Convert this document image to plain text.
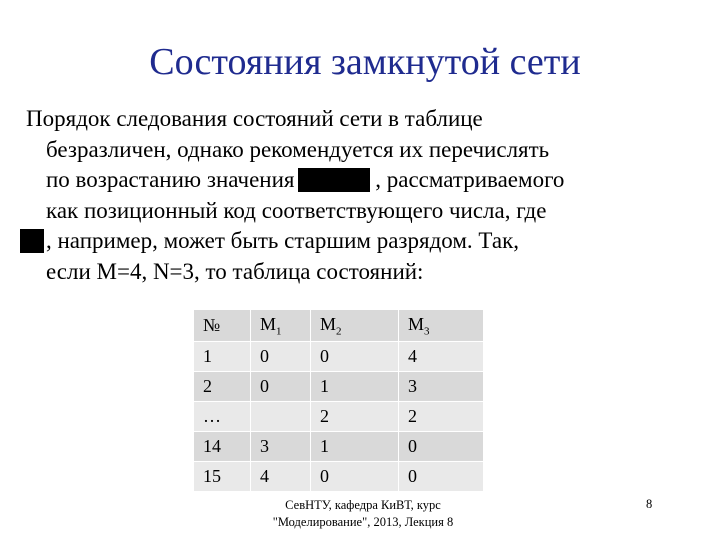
Состояния замкнутой сети
Порядок следования состояний сети в таблице
безразличен, однако рекомендуется их перечислять
по возрастанию значения	, рассматриваемого
как позиционный код соответствующего числа, где
, например, может быть старшим разрядом. Так,
если M=4, N=3, то таблица состояний:
№	$M_1$	$M_2$	$M_3$
1	0	0	4
2	0	1	3
…		2	2
14	3	1	0
15	4	0	0
СевНТУ, кафедра КиВТ, курс
"Моделирование", 2013, Лекция 8
8
